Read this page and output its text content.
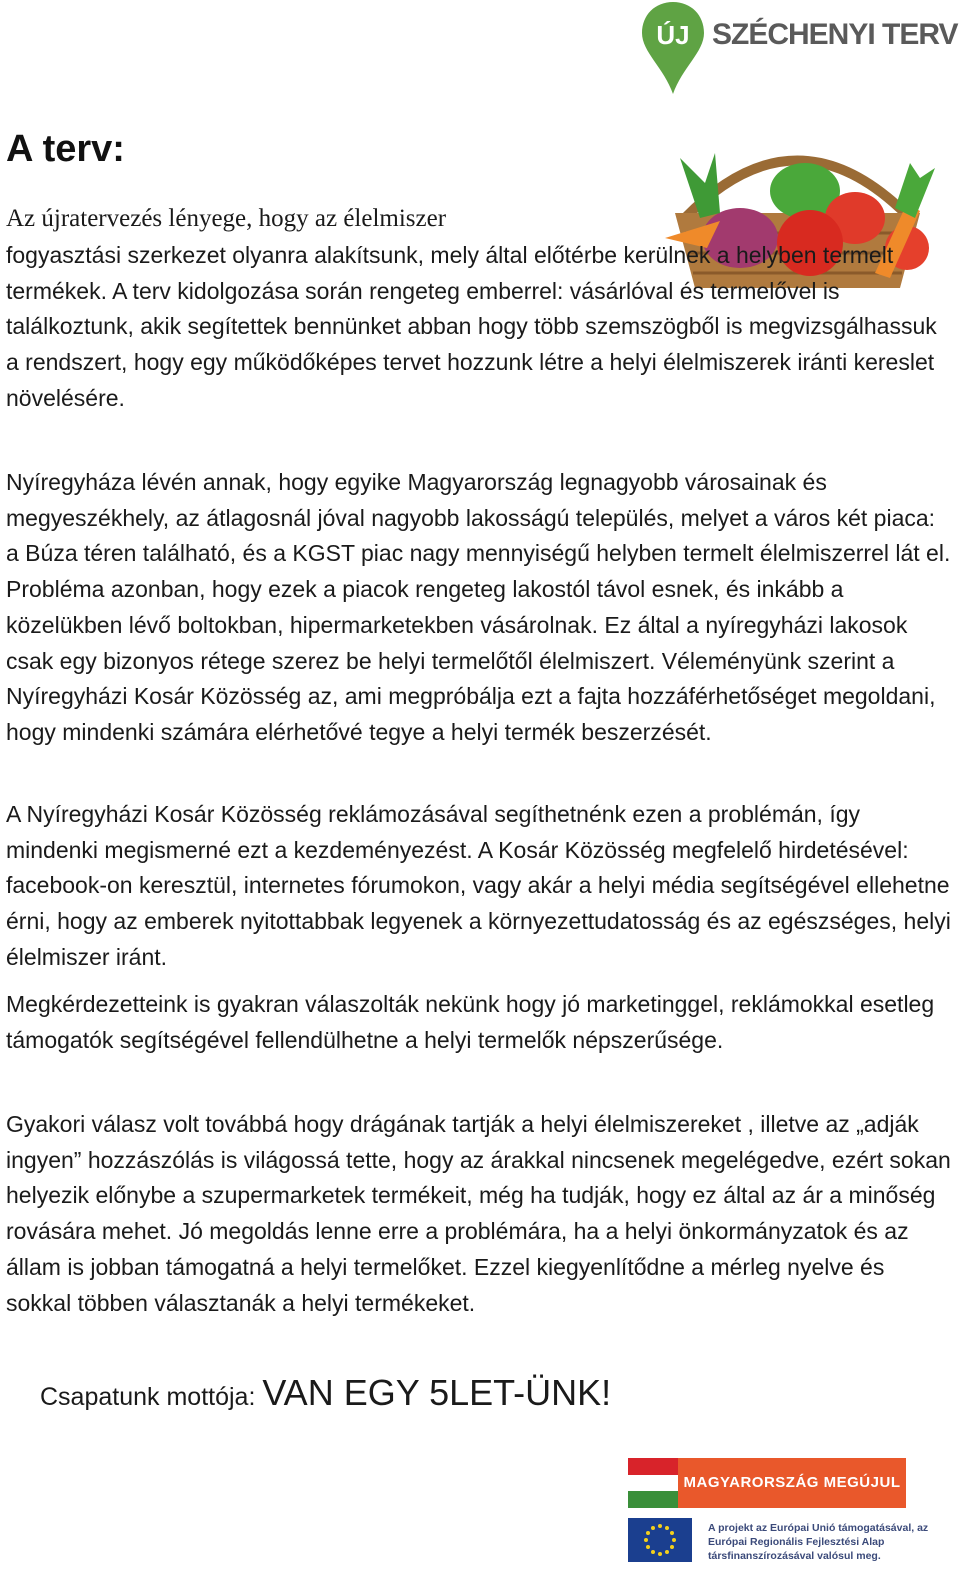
ÚJ SZÉCHENYI TERV
A terv:
Az újratervezés lényege, hogy az élelmiszer
fogyasztási szerkezet olyanra alakítsunk, mely által előtérbe kerülnek a helyben termelt termékek. A terv kidolgozása során rengeteg emberrel: vásárlóval és termelővel is találkoztunk, akik segítettek bennünket abban hogy több szemszögből is megvizsgálhassuk a rendszert, hogy egy működőképes tervet hozzunk létre a helyi élelmiszerek iránti kereslet növelésére.

Nyíregyháza lévén annak, hogy egyike Magyarország legnagyobb városainak és megyeszékhely, az átlagosnál jóval nagyobb lakosságú település, melyet a város két piaca: a Búza téren található, és a KGST piac nagy mennyiségű helyben termelt élelmiszerrel lát el. Probléma azonban, hogy ezek a piacok rengeteg lakostól távol esnek, és inkább a közelükben lévő boltokban, hipermarketekben vásárolnak. Ez által a nyíregyházi lakosok csak egy bizonyos rétege szerez be helyi termelőtől élelmiszert. Véleményünk szerint a Nyíregyházi Kosár Közösség az, ami megpróbálja ezt a fajta hozzáférhetőséget megoldani, hogy mindenki számára elérhetővé tegye a helyi termék beszerzését.

A Nyíregyházi Kosár Közösség reklámozásával segíthetnénk ezen a problémán, így mindenki megismerné ezt a kezdeményezést. A Kosár Közösség megfelelő hirdetésével: facebook-on keresztül, internetes fórumokon, vagy akár a helyi média segítségével ellehetne érni, hogy az emberek nyitottabbak legyenek a környezettudatosság és az egészséges, helyi élelmiszer iránt.

Megkérdezetteink is gyakran válaszolták nekünk hogy jó marketinggel, reklámokkal esetleg támogatók segítségével fellendülhetne a helyi termelők népszerűsége.

Gyakori válasz volt továbbá hogy drágának tartják a helyi élelmiszereket , illetve az „adják ingyen” hozzászólás is világossá tette, hogy az árakkal nincsenek megelégedve, ezért sokan helyezik előnybe a szupermarketek termékeit, még ha tudják, hogy ez által az ár a minőség rovására mehet. Jó megoldás lenne erre a problémára, ha a helyi önkormányzatok és az állam is jobban támogatná a helyi termelőket. Ezzel kiegyenlítődne a mérleg nyelve és sokkal többen választanák a helyi termékeket.

Csapatunk mottója: VAN EGY 5LET-ÜNK!
MAGYARORSZÁG MEGÚJUL
A projekt az Európai Unió támogatásával, az Európai Regionális Fejlesztési Alap társfinanszírozásával valósul meg.
